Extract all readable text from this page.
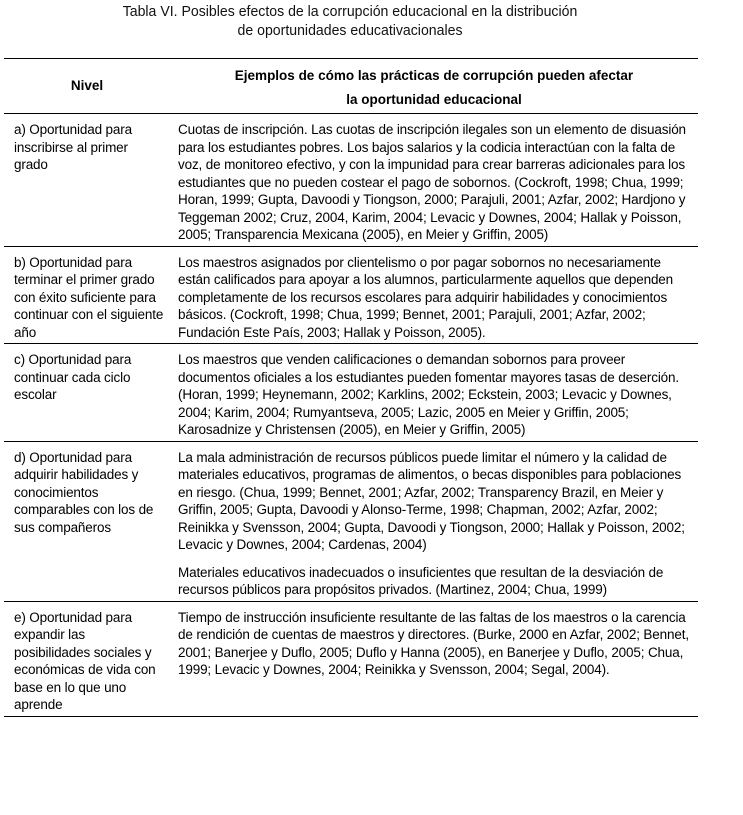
Tabla VI. Posibles efectos de la corrupción educacional en la distribución
de oportunidades educativacionales
Nivel	Ejemplos de cómo las prácticas de corrupción pueden afectar
la oportunidad educacional

a) Oportunidad para inscribirse al primer grado	Cuotas de inscripción. Las cuotas de inscripción ilegales son un elemento de disuasión para los estudiantes pobres. Los bajos salarios y la codicia interactúan con la falta de voz, de monitoreo efectivo, y con la impunidad para crear barreras adicionales para los estudiantes que no pueden costear el pago de sobornos. (Cockroft, 1998; Chua, 1999; Horan, 1999; Gupta, Davoodi y Tiongson, 2000; Parajuli, 2001; Azfar, 2002; Hardjono y Teggeman 2002; Cruz, 2004, Karim, 2004; Levacic y Downes, 2004; Hallak y Poisson, 2005; Transparencia Mexicana (2005), en Meier y Griffin, 2005)

b) Oportunidad para terminar el primer grado con éxito suficiente para continuar con el siguiente año	Los maestros asignados por clientelismo o por pagar sobornos no necesariamente están calificados para apoyar a los alumnos, particularmente aquellos que dependen completamente de los recursos escolares para adquirir habilidades y conocimientos básicos. (Cockroft, 1998; Chua, 1999; Bennet, 2001; Parajuli, 2001; Azfar, 2002; Fundación Este País, 2003; Hallak y Poisson, 2005).

c) Oportunidad para continuar cada ciclo escolar	Los maestros que venden calificaciones o demandan sobornos para proveer documentos oficiales a los estudiantes pueden fomentar mayores tasas de deserción. (Horan, 1999; Heynemann, 2002; Karklins, 2002; Eckstein, 2003; Levacic y Downes, 2004; Karim, 2004; Rumyantseva, 2005; Lazic, 2005 en Meier y Griffin, 2005; Karosadnize y Christensen (2005), en Meier y Griffin, 2005)

d) Oportunidad para adquirir habilidades y conocimientos comparables con los de sus compañeros	La mala administración de recursos públicos puede limitar el número y la calidad de materiales educativos, programas de alimentos, o becas disponibles para poblaciones en riesgo. (Chua, 1999; Bennet, 2001; Azfar, 2002; Transparency Brazil, en Meier y Griffin, 2005; Gupta, Davoodi y Alonso-Terme, 1998; Chapman, 2002; Azfar, 2002; Reinikka y Svensson, 2004; Gupta, Davoodi y Tiongson, 2000; Hallak y Poisson, 2002; Levacic y Downes, 2004; Cardenas, 2004)
Materiales educativos inadecuados o insuficientes que resultan de la desviación de recursos públicos para propósitos privados. (Martinez, 2004; Chua, 1999)

e) Oportunidad para expandir las posibilidades sociales y económicas de vida con base en lo que uno aprende	Tiempo de instrucción insuficiente resultante de las faltas de los maestros o la carencia de rendición de cuentas de maestros y directores. (Burke, 2000 en Azfar, 2002; Bennet, 2001; Banerjee y Duflo, 2005; Duflo y Hanna (2005), en Banerjee y Duflo, 2005; Chua, 1999; Levacic y Downes, 2004; Reinikka y Svensson, 2004; Segal, 2004).
